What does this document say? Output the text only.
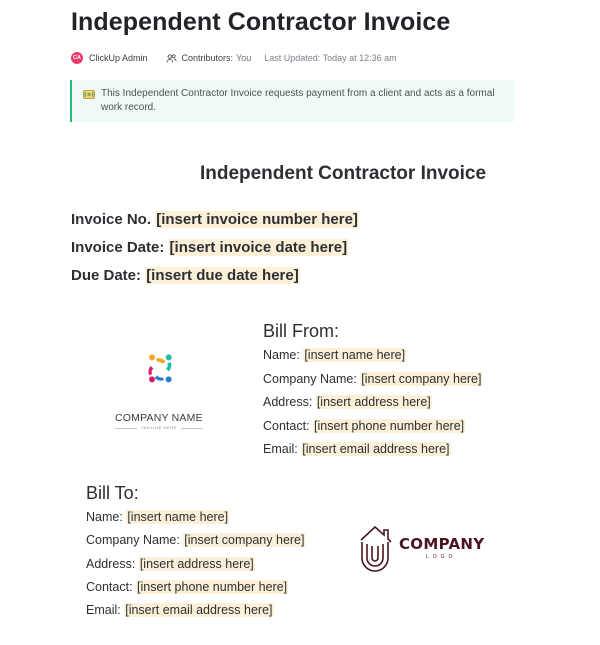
Independent Contractor Invoice
CA ClickUp Admin	Contributors: You Last Updated: Today at 12:36 am
This Independent Contractor Invoice requests payment from a client and acts as a formal work record.
Independent Contractor Invoice
Invoice No. [insert invoice number here]
Invoice Date: [insert invoice date here]
Due Date: [insert due date here]
COMPANY NAME
TAGLINE HERE
Bill From:
Name: [insert name here]
Company Name: [insert company here]
Address: [insert address here]
Contact: [insert phone number here]
Email: [insert email address here]
Bill To:
Name: [insert name here]
Company Name: [insert company here]
Address: [insert address here]
Contact: [insert phone number here]
Email: [insert email address here]
COMPANY
LOGO
